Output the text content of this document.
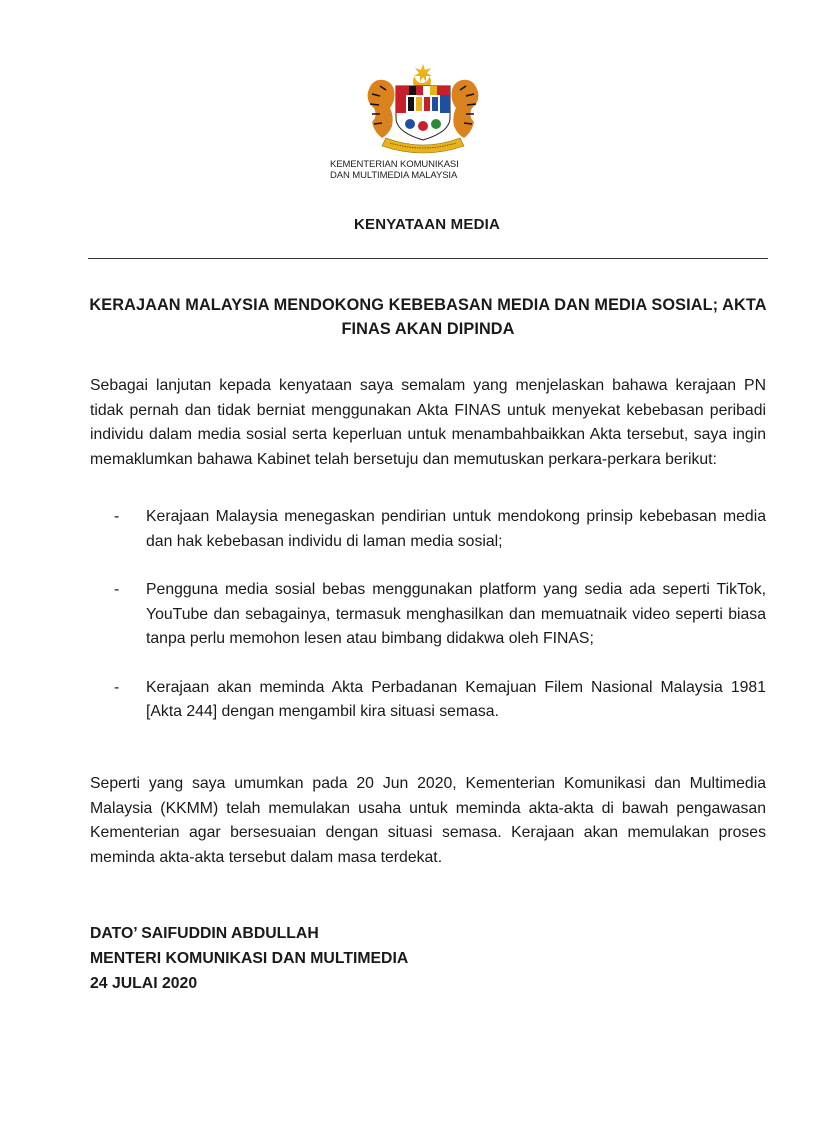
KEMENTERIAN KOMUNIKASI
DAN MULTIMEDIA MALAYSIA
KENYATAAN MEDIA
KERAJAAN MALAYSIA MENDOKONG KEBEBASAN MEDIA DAN MEDIA SOSIAL; AKTA FINAS AKAN DIPINDA
Sebagai lanjutan kepada kenyataan saya semalam yang menjelaskan bahawa kerajaan PN tidak pernah dan tidak berniat menggunakan Akta FINAS untuk menyekat kebebasan peribadi individu dalam media sosial serta keperluan untuk menambahbaikkan Akta tersebut, saya ingin memaklumkan bahawa Kabinet telah bersetuju dan memutuskan perkara-perkara berikut:
- Kerajaan Malaysia menegaskan pendirian untuk mendokong prinsip kebebasan media dan hak kebebasan individu di laman media sosial;
- Pengguna media sosial bebas menggunakan platform yang sedia ada seperti TikTok, YouTube dan sebagainya, termasuk menghasilkan dan memuatnaik video seperti biasa tanpa perlu memohon lesen atau bimbang didakwa oleh FINAS;
- Kerajaan akan meminda Akta Perbadanan Kemajuan Filem Nasional Malaysia 1981 [Akta 244] dengan mengambil kira situasi semasa.
Seperti yang saya umumkan pada 20 Jun 2020, Kementerian Komunikasi dan Multimedia Malaysia (KKMM) telah memulakan usaha untuk meminda akta-akta di bawah pengawasan Kementerian agar bersesuaian dengan situasi semasa. Kerajaan akan memulakan proses meminda akta-akta tersebut dalam masa terdekat.
DATO’ SAIFUDDIN ABDULLAH
MENTERI KOMUNIKASI DAN MULTIMEDIA
24 JULAI 2020
